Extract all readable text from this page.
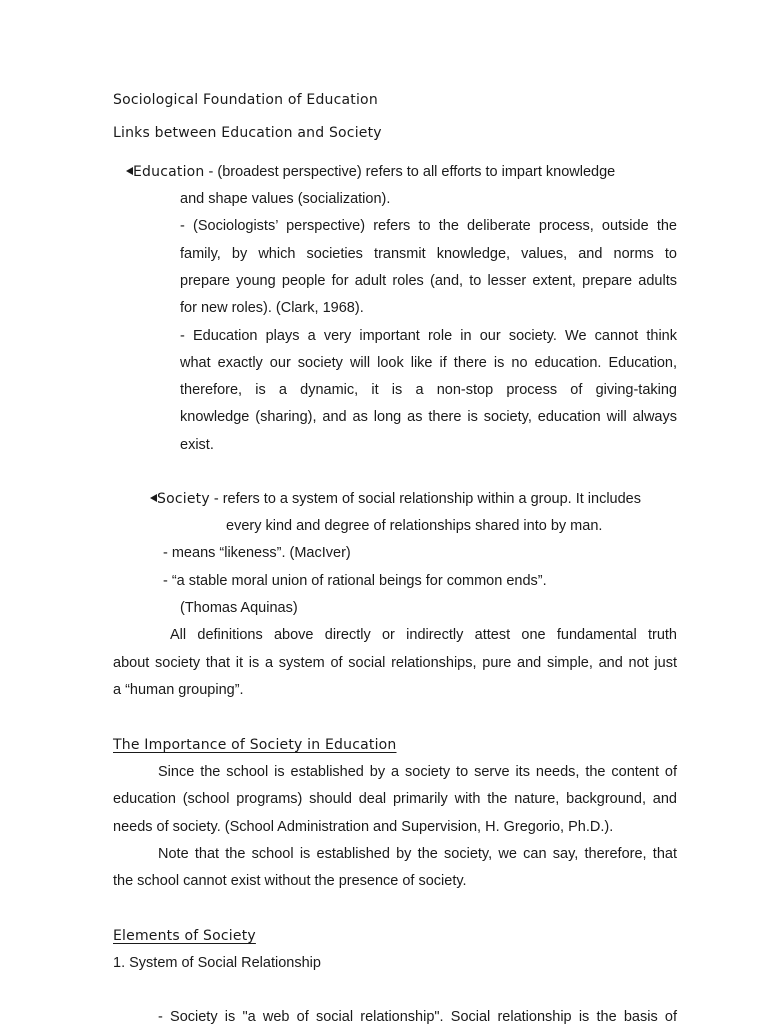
Sociological Foundation of Education
Links between Education and Society
Education - (broadest perspective) refers to all efforts to impart knowledge
and shape values (socialization).
- (Sociologists’ perspective) refers to the deliberate process, outside the
family, by which societies transmit knowledge, values, and norms to
prepare young people for adult roles (and, to lesser extent, prepare adults
for new roles). (Clark, 1968).
- Education plays a very important role in our society. We cannot think
what exactly our society will look like if there is no education. Education,
therefore, is a dynamic, it is a non-stop process of giving-taking
knowledge (sharing), and as long as there is society, education will always
exist.
Society - refers to a system of social relationship within a group. It includes
every kind and degree of relationships shared into by man.
- means “likeness”. (MacIver)
- “a stable moral union of rational beings for common ends”.
(Thomas Aquinas)
All definitions above directly or indirectly attest one fundamental truth
about society that it is a system of social relationships, pure and simple, and not just
a “human grouping”.
The Importance of Society in Education
Since the school is established by a society to serve its needs, the content of
education (school programs) should deal primarily with the nature, background, and
needs of society. (School Administration and Supervision, H. Gregorio, Ph.D.).
Note that the school is established by the society, we can say, therefore, that
the school cannot exist without the presence of society.
Elements of Society
1. System of Social Relationship
- Society is "a web of social relationship". Social relationship is the basis of
